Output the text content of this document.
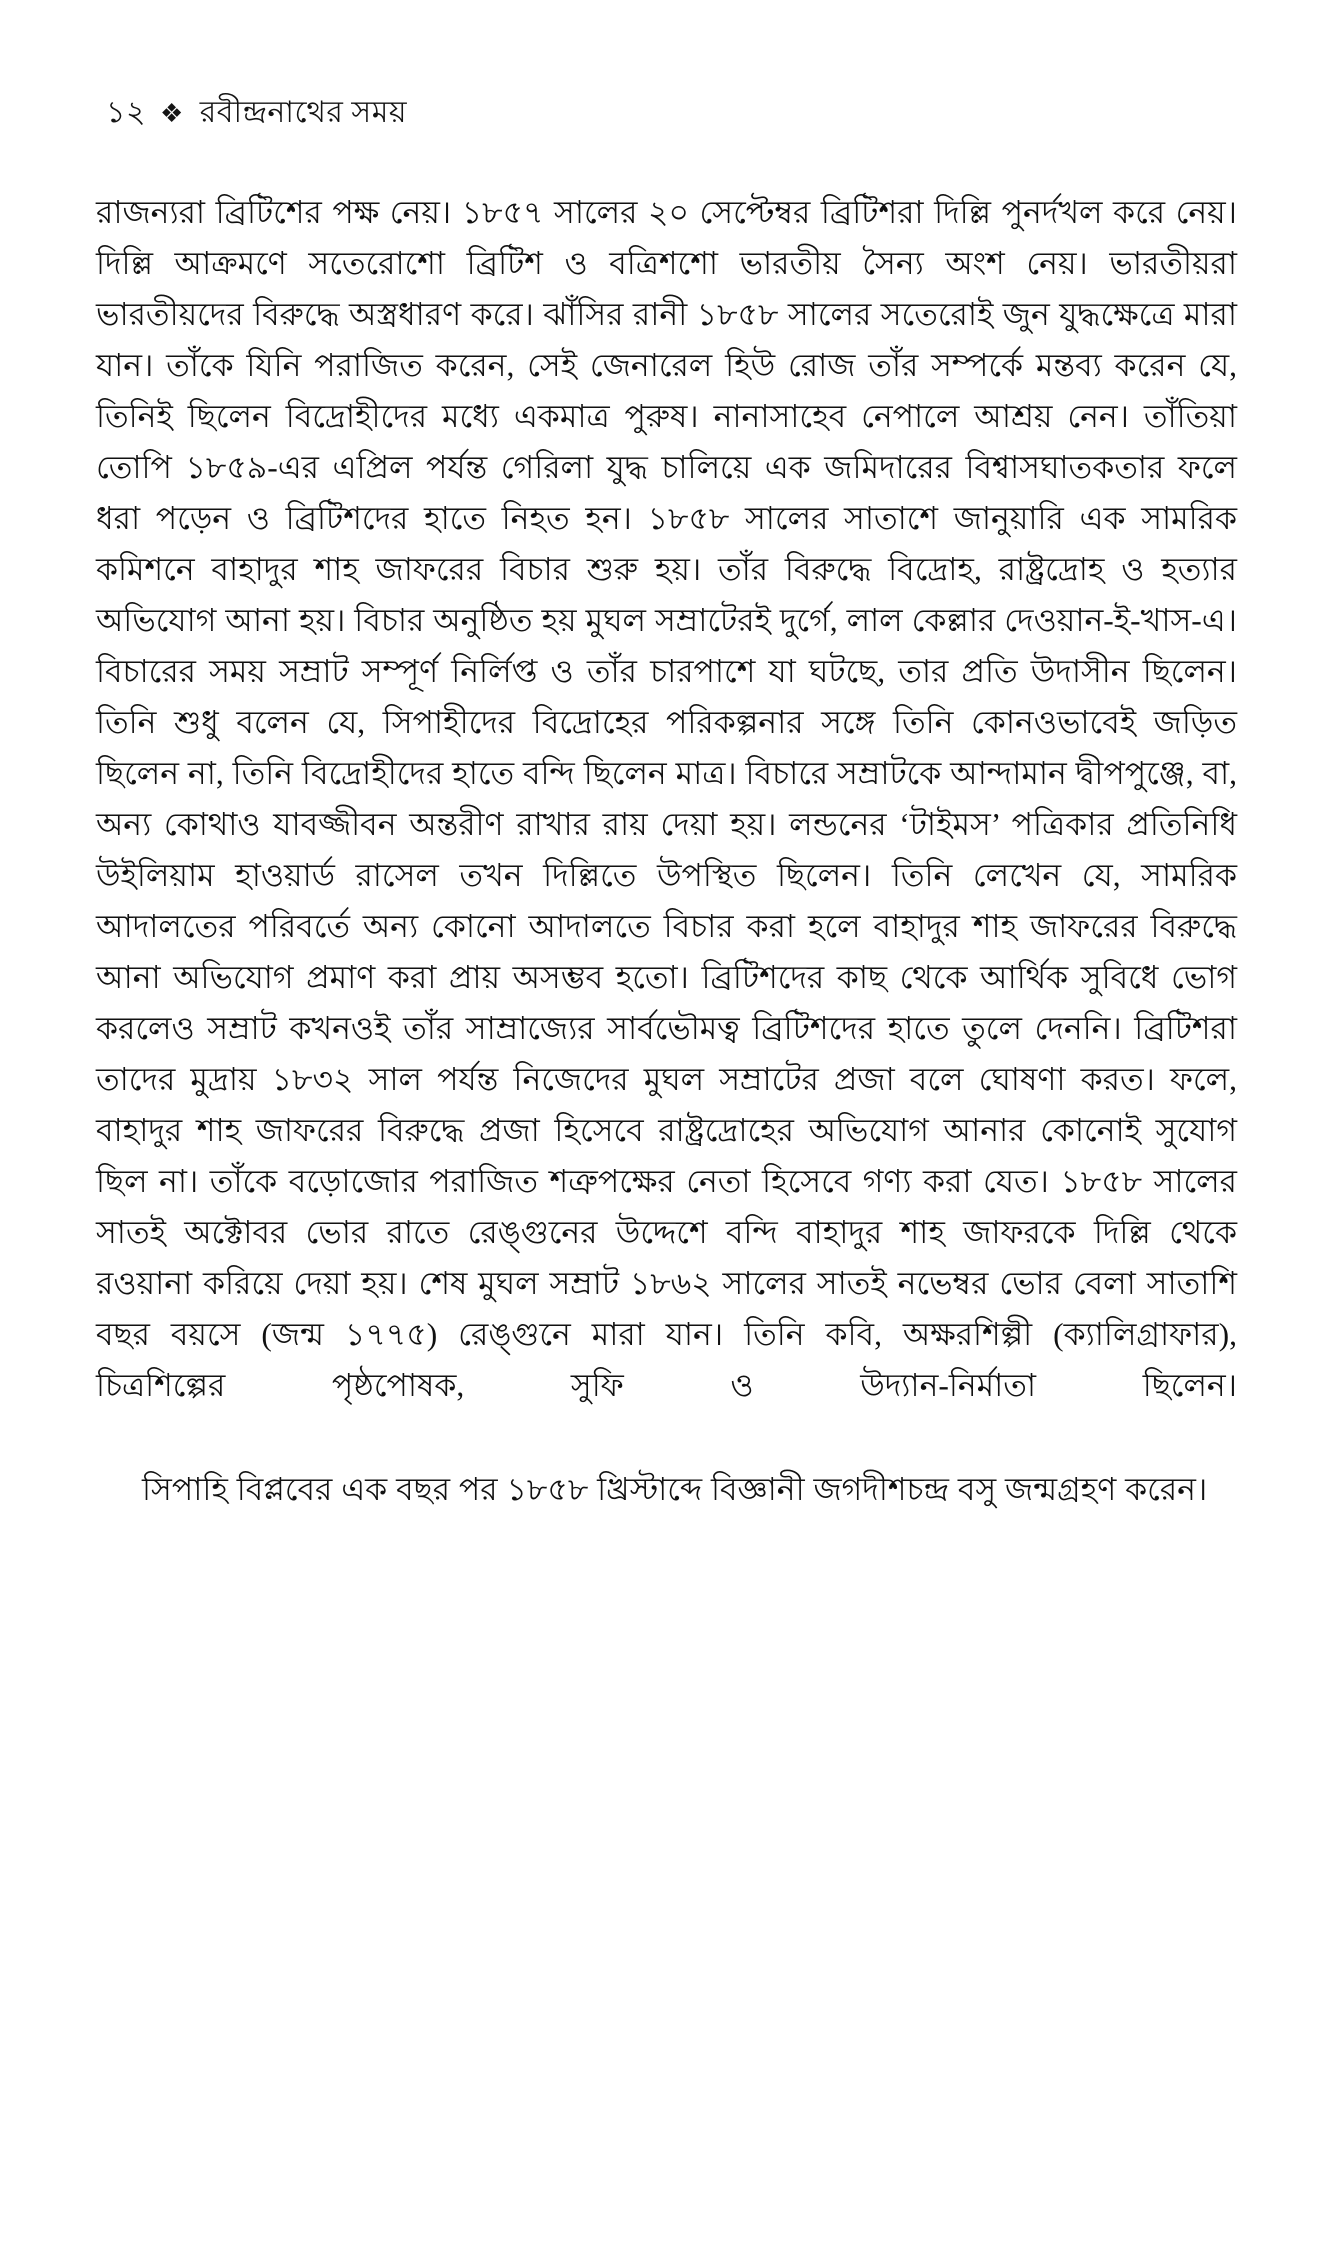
১২ ❖ রবীন্দ্রনাথের সময়

রাজন্যরা ব্রিটিশের পক্ষ নেয়। ১৮৫৭ সালের ২০ সেপ্টেম্বর ব্রিটিশরা দিল্লি পুনর্দখল করে নেয়। দিল্লি আক্রমণে সতেরোশো ব্রিটিশ ও বত্রিশশো ভারতীয় সৈন্য অংশ নেয়। ভারতীয়রা ভারতীয়দের বিরুদ্ধে অস্ত্রধারণ করে। ঝাঁসির রানী ১৮৫৮ সালের সতেরোই জুন যুদ্ধক্ষেত্রে মারা যান। তাঁকে যিনি পরাজিত করেন, সেই জেনারেল হিউ রোজ তাঁর সম্পর্কে মন্তব্য করেন যে, তিনিই ছিলেন বিদ্রোহীদের মধ্যে একমাত্র পুরুষ। নানাসাহেব নেপালে আশ্রয় নেন। তাঁতিয়া তোপি ১৮৫৯-এর এপ্রিল পর্যন্ত গেরিলা যুদ্ধ চালিয়ে এক জমিদারের বিশ্বাসঘাতকতার ফলে ধরা পড়েন ও ব্রিটিশদের হাতে নিহত হন। ১৮৫৮ সালের সাতাশে জানুয়ারি এক সামরিক কমিশনে বাহাদুর শাহ জাফরের বিচার শুরু হয়। তাঁর বিরুদ্ধে বিদ্রোহ, রাষ্ট্রদ্রোহ ও হত্যার অভিযোগ আনা হয়। বিচার অনুষ্ঠিত হয় মুঘল সম্রাটেরই দুর্গে, লাল কেল্লার দেওয়ান-ই-খাস-এ। বিচারের সময় সম্রাট সম্পূর্ণ নির্লিপ্ত ও তাঁর চারপাশে যা ঘটছে, তার প্রতি উদাসীন ছিলেন। তিনি শুধু বলেন যে, সিপাহীদের বিদ্রোহের পরিকল্পনার সঙ্গে তিনি কোনওভাবেই জড়িত ছিলেন না, তিনি বিদ্রোহীদের হাতে বন্দি ছিলেন মাত্র। বিচারে সম্রাটকে আন্দামান দ্বীপপুঞ্জে, বা, অন্য কোথাও যাবজ্জীবন অন্তরীণ রাখার রায় দেয়া হয়। লন্ডনের ‘টাইমস’ পত্রিকার প্রতিনিধি উইলিয়াম হাওয়ার্ড রাসেল তখন দিল্লিতে উপস্থিত ছিলেন। তিনি লেখেন যে, সামরিক আদালতের পরিবর্তে অন্য কোনো আদালতে বিচার করা হলে বাহাদুর শাহ জাফরের বিরুদ্ধে আনা অভিযোগ প্রমাণ করা প্রায় অসম্ভব হতো। ব্রিটিশদের কাছ থেকে আর্থিক সুবিধে ভোগ করলেও সম্রাট কখনওই তাঁর সাম্রাজ্যের সার্বভৌমত্ব ব্রিটিশদের হাতে তুলে দেননি। ব্রিটিশরা তাদের মুদ্রায় ১৮৩২ সাল পর্যন্ত নিজেদের মুঘল সম্রাটের প্রজা বলে ঘোষণা করত। ফলে, বাহাদুর শাহ জাফরের বিরুদ্ধে প্রজা হিসেবে রাষ্ট্রদ্রোহের অভিযোগ আনার কোনোই সুযোগ ছিল না। তাঁকে বড়োজোর পরাজিত শত্রুপক্ষের নেতা হিসেবে গণ্য করা যেত। ১৮৫৮ সালের সাতই অক্টোবর ভোর রাতে রেঙ্গুনের উদ্দেশে বন্দি বাহাদুর শাহ জাফরকে দিল্লি থেকে রওয়ানা করিয়ে দেয়া হয়। শেষ মুঘল সম্রাট ১৮৬২ সালের সাতই নভেম্বর ভোর বেলা সাতাশি বছর বয়সে (জন্ম ১৭৭৫) রেঙ্গুনে মারা যান। তিনি কবি, অক্ষরশিল্পী (ক্যালিগ্রাফার), চিত্রশিল্পের পৃষ্ঠপোষক, সুফি ও উদ্যান-নির্মাতা ছিলেন।

সিপাহি বিপ্লবের এক বছর পর ১৮৫৮ খ্রিস্টাব্দে বিজ্ঞানী জগদীশচন্দ্র বসু জন্মগ্রহণ করেন।
